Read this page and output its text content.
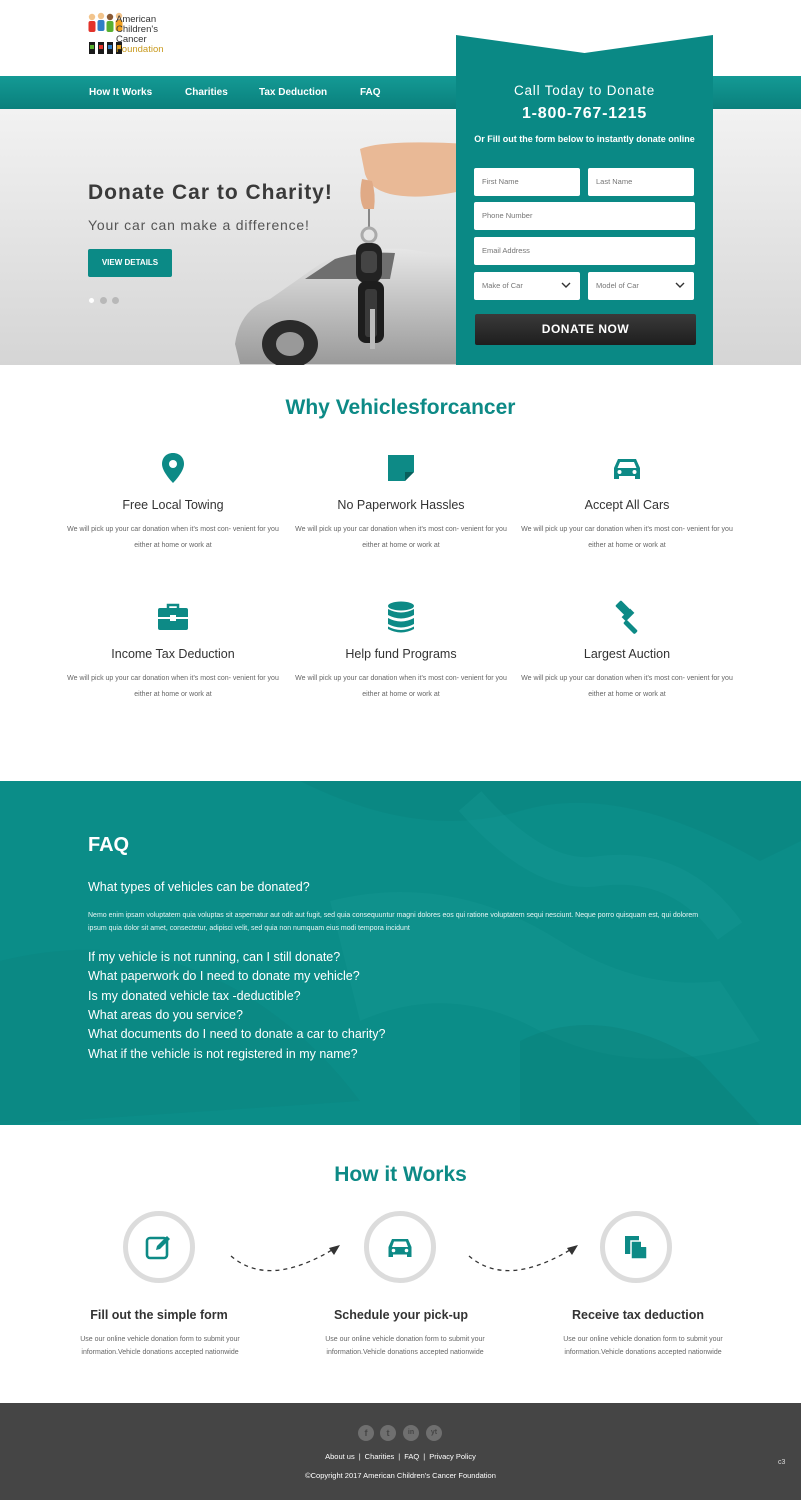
American
Children's
Cancer
Foundation
How It Works	Charities	Tax Deduction	FAQ
Donate Car to Charity!
Your car can make a difference!
VIEW DETAILS
Call Today to Donate
1-800-767-1215
Or Fill out the form below to instantly donate online
First Name
Last Name
Phone Number
Email Address
Make of Car	Model of Car
DONATE NOW
Why Vehiclesforcancer
Free Local Towing
We will pick up your car donation when it's most con- venient for you either at home or work at
No Paperwork Hassles
We will pick up your car donation when it's most con- venient for you either at home or work at
Accept All Cars
We will pick up your car donation when it's most con- venient for you either at home or work at
Income Tax Deduction
We will pick up your car donation when it's most con- venient for you either at home or work at
Help fund Programs
We will pick up your car donation when it's most con- venient for you either at home or work at
Largest Auction
We will pick up your car donation when it's most con- venient for you either at home or work at
FAQ
What types of vehicles can be donated?
Nemo enim ipsam voluptatem quia voluptas sit aspernatur aut odit aut fugit, sed quia consequuntur magni dolores eos qui ratione voluptatem sequi nesciunt. Neque porro quisquam est, qui dolorem ipsum quia dolor sit amet, consectetur, adipisci velit, sed quia non numquam eius modi tempora incidunt
If my vehicle is not running, can I still donate?
What paperwork do I need to donate my vehicle?
Is my donated vehicle tax -deductible?
What areas do you service?
What documents do I need to donate a car to charity?
What if the vehicle is not registered in my name?
How it Works
Fill out the simple form
Use our online vehicle donation form to submit your information.Vehicle donations accepted nationwide
Schedule your pick-up
Use our online vehicle donation form to submit your information.Vehicle donations accepted nationwide
Receive tax deduction
Use our online vehicle donation form to submit your information.Vehicle donations accepted nationwide
f	t	in	yt
About us | Charities | FAQ | Privacy Policy
©Copyright 2017 American Children's Cancer Foundation
c3
